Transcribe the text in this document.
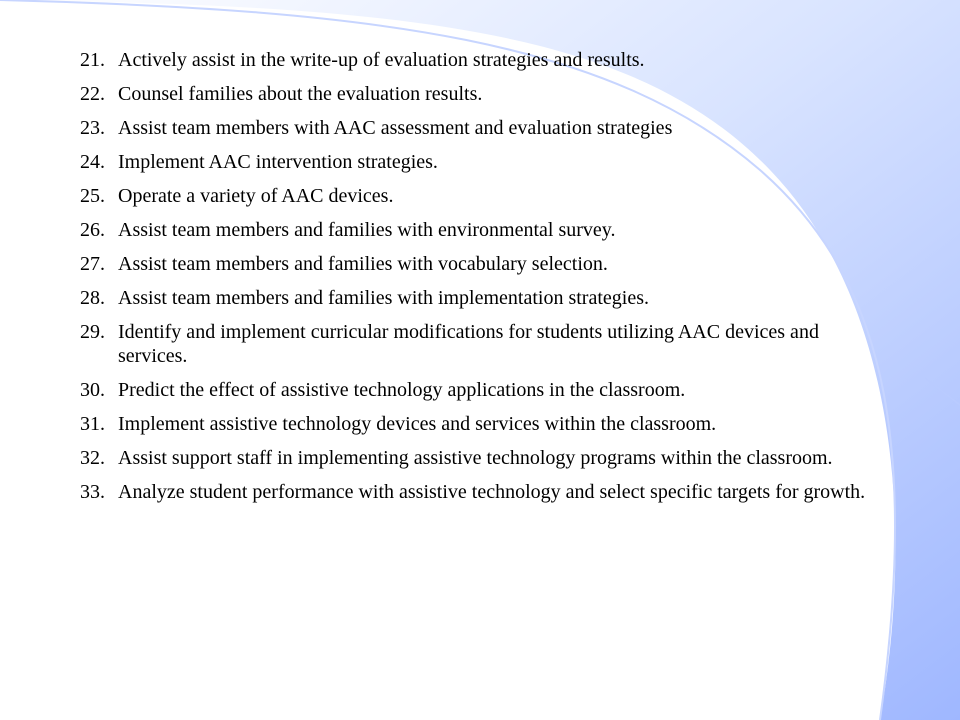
21. Actively assist in the write-up of evaluation strategies and results.
22. Counsel families about the evaluation results.
23. Assist team members with AAC assessment and evaluation strategies
24. Implement AAC intervention strategies.
25. Operate a variety of AAC devices.
26. Assist team members and families with environmental survey.
27. Assist team members and families with vocabulary selection.
28. Assist team members and families with implementation strategies.
29. Identify and implement curricular modifications for students utilizing AAC devices and services.
30. Predict the effect of assistive technology applications in the classroom.
31. Implement assistive technology devices and services within the classroom.
32. Assist support staff in implementing assistive technology programs within the classroom.
33. Analyze student performance with assistive technology and select specific targets for growth.
